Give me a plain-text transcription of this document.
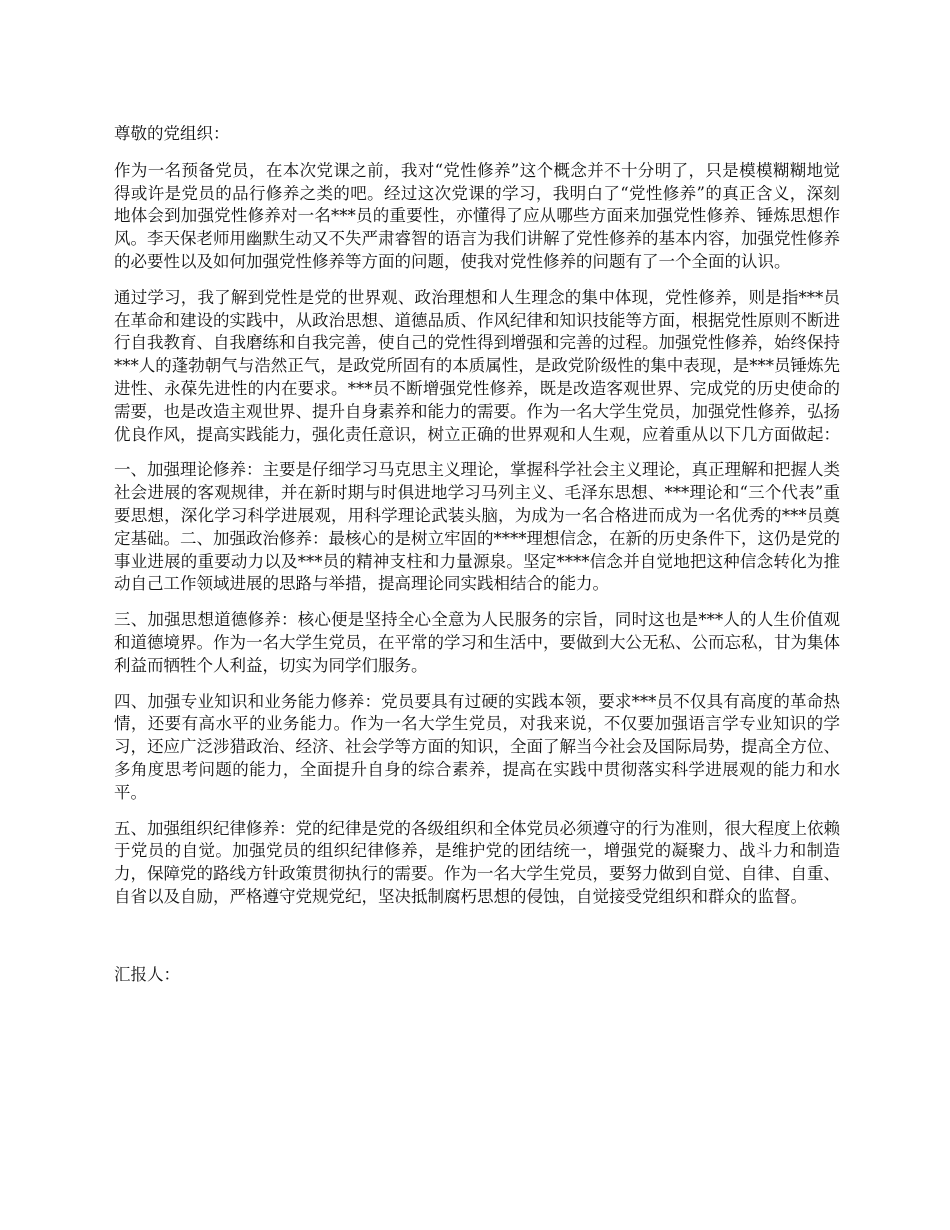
尊敬的党组织：

作为一名预备党员，在本次党课之前，我对“党性修养”这个概念并不十分明了，只是模模糊糊地觉得或许是党员的品行修养之类的吧。经过这次党课的学习，我明白了“党性修养”的真正含义，深刻地体会到加强党性修养对一名***员的重要性，亦懂得了应从哪些方面来加强党性修养、锤炼思想作风。李天保老师用幽默生动又不失严肃睿智的语言为我们讲解了党性修养的基本内容，加强党性修养的必要性以及如何加强党性修养等方面的问题，使我对党性修养的问题有了一个全面的认识。

通过学习，我了解到党性是党的世界观、政治理想和人生理念的集中体现，党性修养，则是指***员在革命和建设的实践中，从政治思想、道德品质、作风纪律和知识技能等方面，根据党性原则不断进行自我教育、自我磨练和自我完善，使自己的党性得到增强和完善的过程。加强党性修养，始终保持***人的蓬勃朝气与浩然正气，是政党所固有的本质属性，是政党阶级性的集中表现，是***员锤炼先进性、永葆先进性的内在要求。***员不断增强党性修养，既是改造客观世界、完成党的历史使命的需要，也是改造主观世界、提升自身素养和能力的需要。作为一名大学生党员，加强党性修养，弘扬优良作风，提高实践能力，强化责任意识，树立正确的世界观和人生观，应着重从以下几方面做起：

一、加强理论修养：主要是仔细学习马克思主义理论，掌握科学社会主义理论，真正理解和把握人类社会进展的客观规律，并在新时期与时俱进地学习马列主义、毛泽东思想、***理论和“三个代表”重要思想，深化学习科学进展观，用科学理论武装头脑，为成为一名合格进而成为一名优秀的***员奠定基础。二、加强政治修养：最核心的是树立牢固的****理想信念，在新的历史条件下，这仍是党的事业进展的重要动力以及***员的精神支柱和力量源泉。坚定****信念并自觉地把这种信念转化为推动自己工作领域进展的思路与举措，提高理论同实践相结合的能力。

三、加强思想道德修养：核心便是坚持全心全意为人民服务的宗旨，同时这也是***人的人生价值观和道德境界。作为一名大学生党员，在平常的学习和生活中，要做到大公无私、公而忘私，甘为集体利益而牺牲个人利益，切实为同学们服务。

四、加强专业知识和业务能力修养：党员要具有过硬的实践本领，要求***员不仅具有高度的革命热情，还要有高水平的业务能力。作为一名大学生党员，对我来说，不仅要加强语言学专业知识的学习，还应广泛涉猎政治、经济、社会学等方面的知识，全面了解当今社会及国际局势，提高全方位、多角度思考问题的能力，全面提升自身的综合素养，提高在实践中贯彻落实科学进展观的能力和水平。

五、加强组织纪律修养：党的纪律是党的各级组织和全体党员必须遵守的行为准则，很大程度上依赖于党员的自觉。加强党员的组织纪律修养，是维护党的团结统一，增强党的凝聚力、战斗力和制造力，保障党的路线方针政策贯彻执行的需要。作为一名大学生党员，要努力做到自觉、自律、自重、自省以及自励，严格遵守党规党纪，坚决抵制腐朽思想的侵蚀，自觉接受党组织和群众的监督。

汇报人：
